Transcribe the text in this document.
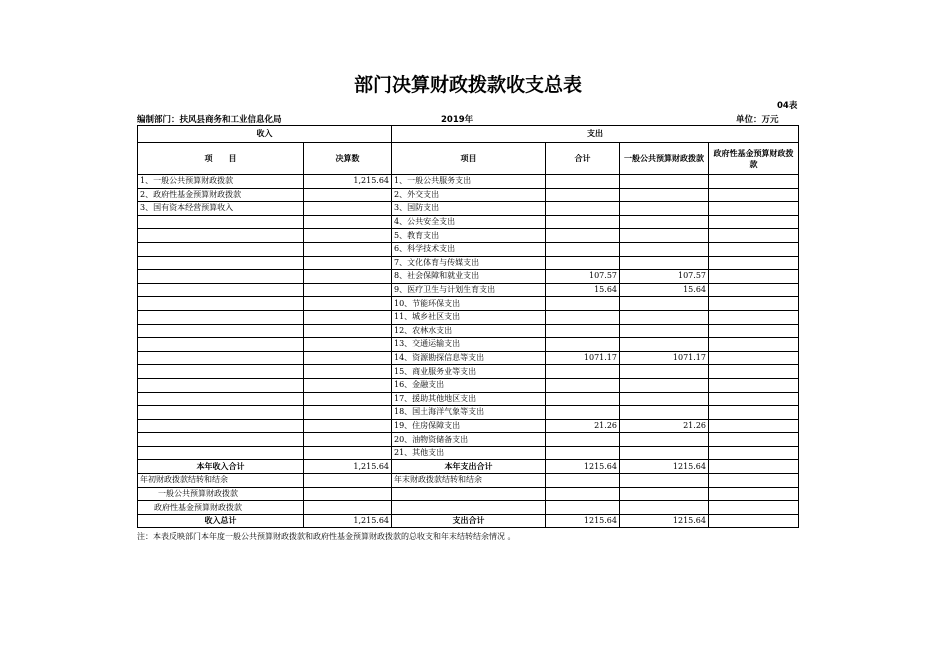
部门决算财政拨款收支总表
04表
编制部门：扶风县商务和工业信息化局	2019年	单位：万元
收入		支出			
项　　目	决算数	项目	合计	一般公共预算财政拨款	政府性基金预算财政拨款
1、一般公共预算财政拨款	1,215.64	1、一般公共服务支出			
2、政府性基金预算财政拨款		2、外交支出			
3、国有资本经营预算收入		3、国防支出			
		4、公共安全支出			
		5、教育支出			
		6、科学技术支出			
		7、文化体育与传媒支出			
		8、社会保障和就业支出	107.57	107.57	
		9、医疗卫生与计划生育支出	15.64	15.64	
		10、节能环保支出			
		11、城乡社区支出			
		12、农林水支出			
		13、交通运输支出			
		14、资源勘探信息等支出	1071.17	1071.17	
		15、商业服务业等支出			
		16、金融支出			
		17、援助其他地区支出			
		18、国土海洋气象等支出			
		19、住房保障支出	21.26	21.26	
		20、油物资储备支出			
		21、其他支出			
本年收入合计	1,215.64	本年支出合计	1215.64	1215.64	
年初财政拨款结转和结余		年末财政拨款结转和结余			
一般公共预算财政拨款					
政府性基金预算财政拨款					
收入总计	1,215.64	支出合计	1215.64	1215.64	
注：本表反映部门本年度一般公共预算财政拨款和政府性基金预算财政拨款的总收支和年末结转结余情况 。
